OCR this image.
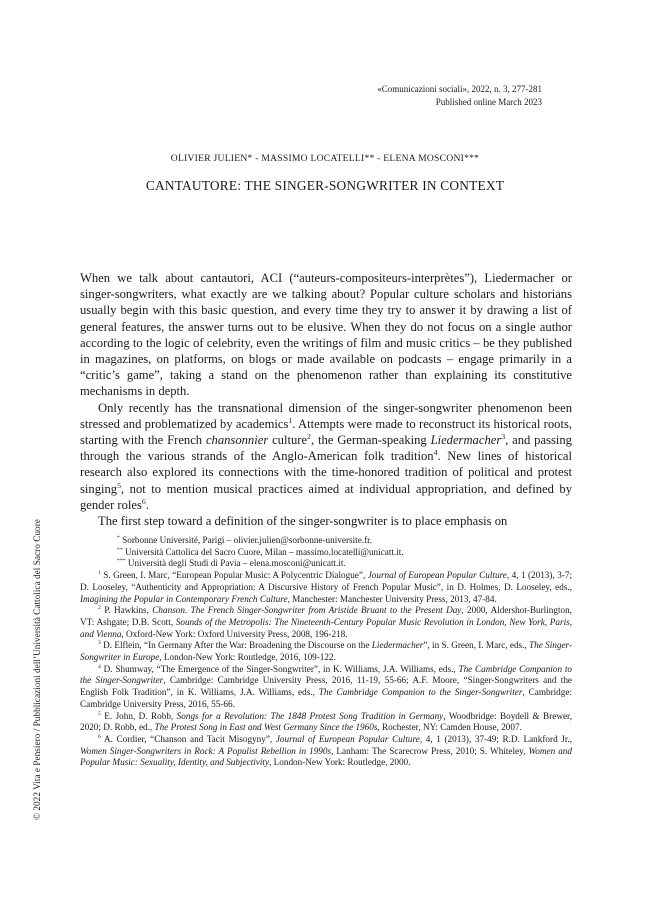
«Comunicazioni sociali», 2022, n. 3, 277-281
Published online March 2023
OLIVIER JULIEN* - MASSIMO LOCATELLI** - ELENA MOSCONI***
CANTAUTORE: THE SINGER-SONGWRITER IN CONTEXT

When we talk about cantautori, ACI (“auteurs-compositeurs-interprètes”), Liedermacher or singer-songwriters, what exactly are we talking about? Popular culture scholars and historians usually begin with this basic question, and every time they try to answer it by drawing a list of general features, the answer turns out to be elusive. When they do not focus on a single author according to the logic of celebrity, even the writings of film and music critics – be they published in magazines, on platforms, on blogs or made available on podcasts – engage primarily in a “critic’s game”, taking a stand on the phenomenon rather than explaining its constitutive mechanisms in depth.

Only recently has the transnational dimension of the singer-songwriter phenomenon been stressed and problematized by academics$^1$. Attempts were made to reconstruct its historical roots, starting with the French chansonnier culture$^2$, the German-speaking Liedermacher$^3$, and passing through the various strands of the Anglo-American folk tradition$^4$. New lines of historical research also explored its connections with the time-honored tradition of political and protest singing$^5$, not to mention musical practices aimed at individual appropriation, and defined by gender roles$^6$.

The first step toward a definition of the singer-songwriter is to place emphasis on

* Sorbonne Université, Parigi – olivier.julien@sorbonne-universite.fr.

** Università Cattolica del Sacro Cuore, Milan – massimo.locatelli@unicatt.it.

*** Università degli Studi di Pavia – elena.mosconi@unicatt.it.

$^1$ S. Green, I. Marc, “European Popular Music: A Polycentric Dialogue”, Journal of European Popular Culture, 4, 1 (2013), 3-7; D. Looseley, “Authenticity and Appropriation: A Discursive History of French Popular Music”, in D. Holmes, D. Looseley, eds., Imagining the Popular in Contemporary French Culture, Manchester: Manchester University Press, 2013, 47-84.

$^2$ P. Hawkins, Chanson. The French Singer-Songwriter from Aristide Bruant to the Present Day, 2000, Aldershot-Burlington, VT: Ashgate; D.B. Scott, Sounds of the Metropolis: The Nineteenth-Century Popular Music Revolution in London, New York, Paris, and Vienna, Oxford-New York: Oxford University Press, 2008, 196-218.

$^3$ D. Elflein, “In Germany After the War: Broadening the Discourse on the Liedermacher”, in S. Green, I. Marc, eds., The Singer-Songwriter in Europe, London-New York: Routledge, 2016, 109-122.

$^4$ D. Shumway, “The Emergence of the Singer-Songwriter”, in K. Williams, J.A. Williams, eds., The Cambridge Companion to the Singer-Songwriter, Cambridge: Cambridge University Press, 2016, 11-19, 55-66; A.F. Moore, “Singer-Songwriters and the English Folk Tradition”, in K. Williams, J.A. Williams, eds., The Cambridge Companion to the Singer-Songwriter, Cambridge: Cambridge University Press, 2016, 55-66.

$^5$ E. John, D. Robb, Songs for a Revolution: The 1848 Protest Song Tradition in Germany, Woodbridge: Boydell & Brewer, 2020; D. Robb, ed., The Protest Song in East and West Germany Since the 1960s, Rochester, NY: Camden House, 2007.

$^6$ A. Cordier, “Chanson and Tacit Misogyny”, Journal of European Popular Culture, 4, 1 (2013), 37-49; R.D. Lankford Jr., Women Singer-Songwriters in Rock: A Populist Rebellion in 1990s, Lanham: The Scarecrow Press, 2010; S. Whiteley, Women and Popular Music: Sexuality, Identity, and Subjectivity, London-New York: Routledge, 2000.

© 2022 Vita e Pensiero / Pubblicazioni dell’Università Cattolica del Sacro Cuore
